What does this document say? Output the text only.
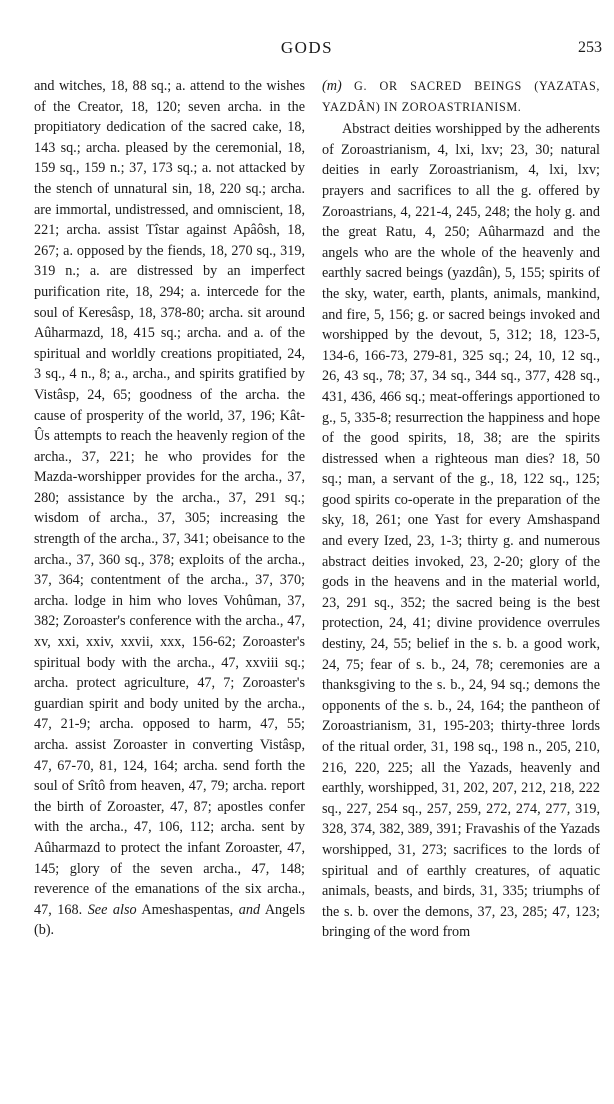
GODS	253

and witches, 18, 88 sq.; a. attend to the wishes of the Creator, 18, 120; seven archa. in the propitiatory dedication of the sacred cake, 18, 143 sq.; archa. pleased by the ceremonial, 18, 159 sq., 159 n.; 37, 173 sq.; a. not attacked by the stench of unnatural sin, 18, 220 sq.; archa. are immortal, undistressed, and omniscient, 18, 221; archa. assist Tîstar against Apâôsh, 18, 267; a. opposed by the fiends, 18, 270 sq., 319, 319 n.; a. are distressed by an imperfect purification rite, 18, 294; a. intercede for the soul of Keresâsp, 18, 378-80; archa. sit around Aûharmazd, 18, 415 sq.; archa. and a. of the spiritual and worldly creations propitiated, 24, 3 sq., 4 n., 8; a., archa., and spirits gratified by Vistâsp, 24, 65; goodness of the archa. the cause of prosperity of the world, 37, 196; Kât-Ûs attempts to reach the heavenly region of the archa., 37, 221; he who provides for the Mazda-worshipper provides for the archa., 37, 280; assistance by the archa., 37, 291 sq.; wisdom of archa., 37, 305; increasing the strength of the archa., 37, 341; obeisance to the archa., 37, 360 sq., 378; exploits of the archa., 37, 364; contentment of the archa., 37, 370; archa. lodge in him who loves Vohûman, 37, 382; Zoroaster's conference with the archa., 47, xv, xxi, xxiv, xxvii, xxx, 156-62; Zoroaster's spiritual body with the archa., 47, xxviii sq.; archa. protect agriculture, 47, 7; Zoroaster's guardian spirit and body united by the archa., 47, 21-9; archa. opposed to harm, 47, 55; archa. assist Zoroaster in converting Vistâsp, 47, 67-70, 81, 124, 164; archa. send forth the soul of Srîtô from heaven, 47, 79; archa. report the birth of Zoroaster, 47, 87; apostles confer with the archa., 47, 106, 112; archa. sent by Aûharmazd to protect the infant Zoroaster, 47, 145; glory of the seven archa., 47, 148; reverence of the emanations of the six archa., 47, 168. See also Ameshaspentas, and Angels (b).

(m) G. OR SACRED BEINGS (YAZATAS, YAZDÂN) IN ZOROASTRIANISM.

Abstract deities worshipped by the adherents of Zoroastrianism, 4, lxi, lxv; 23, 30; natural deities in early Zoroastrianism, 4, lxi, lxv; prayers and sacrifices to all the g. offered by Zoroastrians, 4, 221-4, 245, 248; the holy g. and the great Ratu, 4, 250; Aûharmazd and the angels who are the whole of the heavenly and earthly sacred beings (yazdân), 5, 155; spirits of the sky, water, earth, plants, animals, mankind, and fire, 5, 156; g. or sacred beings invoked and worshipped by the devout, 5, 312; 18, 123-5, 134-6, 166-73, 279-81, 325 sq.; 24, 10, 12 sq., 26, 43 sq., 78; 37, 34 sq., 344 sq., 377, 428 sq., 431, 436, 466 sq.; meat-offerings apportioned to g., 5, 335-8; resurrection the happiness and hope of the good spirits, 18, 38; are the spirits distressed when a righteous man dies? 18, 50 sq.; man, a servant of the g., 18, 122 sq., 125; good spirits co-operate in the preparation of the sky, 18, 261; one Yast for every Amshaspand and every Ized, 23, 1-3; thirty g. and numerous abstract deities invoked, 23, 2-20; glory of the gods in the heavens and in the material world, 23, 291 sq., 352; the sacred being is the best protection, 24, 41; divine providence overrules destiny, 24, 55; belief in the s. b. a good work, 24, 75; fear of s. b., 24, 78; ceremonies are a thanksgiving to the s. b., 24, 94 sq.; demons the opponents of the s. b., 24, 164; the pantheon of Zoroastrianism, 31, 195-203; thirty-three lords of the ritual order, 31, 198 sq., 198 n., 205, 210, 216, 220, 225; all the Yazads, heavenly and earthly, worshipped, 31, 202, 207, 212, 218, 222 sq., 227, 254 sq., 257, 259, 272, 274, 277, 319, 328, 374, 382, 389, 391; Fravashis of the Yazads worshipped, 31, 273; sacrifices to the lords of spiritual and of earthly creatures, of aquatic animals, beasts, and birds, 31, 335; triumphs of the s. b. over the demons, 37, 23, 285; 47, 123; bringing of the word from
